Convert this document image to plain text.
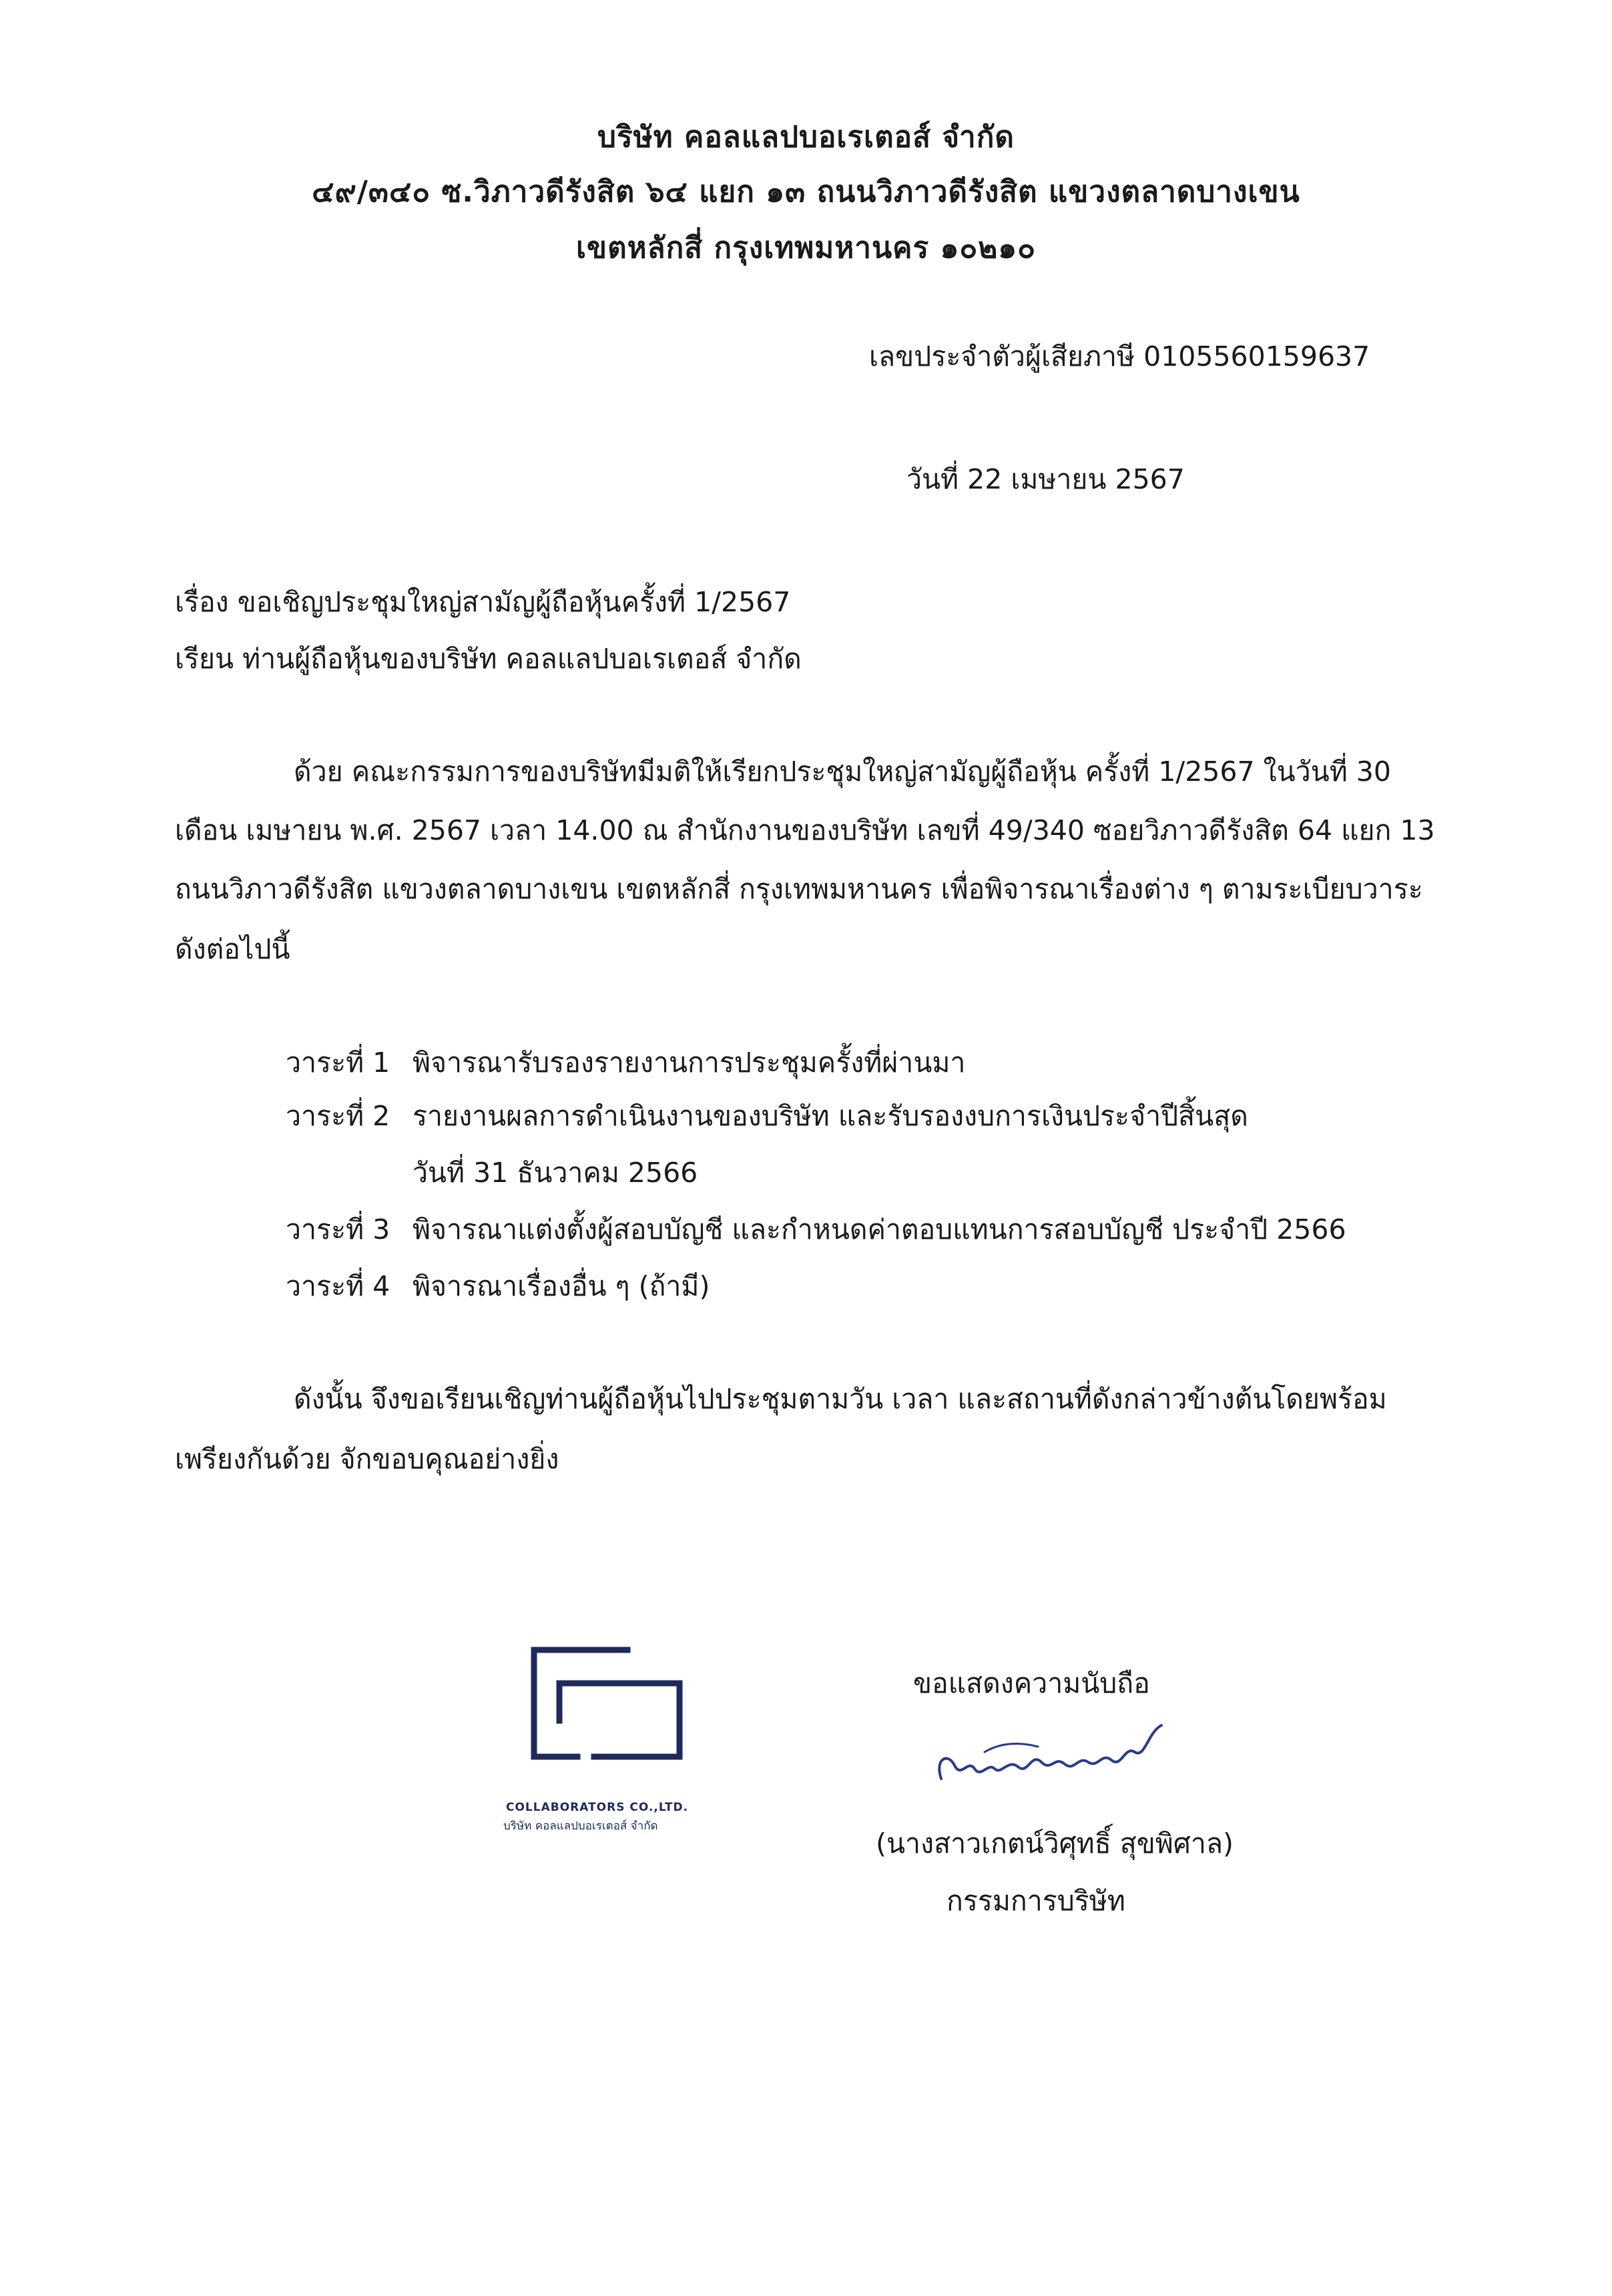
บริษัท คอลแลปบอเรเตอส์ จำกัด
๔๙/๓๔๐ ซ.วิภาวดีรังสิต ๖๔ แยก ๑๓ ถนนวิภาวดีรังสิต แขวงตลาดบางเขน
เขตหลักสี่ กรุงเทพมหานคร ๑๐๒๑๐
เลขประจำตัวผู้เสียภาษี 0105560159637
วันที่ 22 เมษายน 2567
เรื่อง ขอเชิญประชุมใหญ่สามัญผู้ถือหุ้นครั้งที่ 1/2567
เรียน ท่านผู้ถือหุ้นของบริษัท คอลแลปบอเรเตอส์ จำกัด
ด้วย คณะกรรมการของบริษัทมีมติให้เรียกประชุมใหญ่สามัญผู้ถือหุ้น ครั้งที่ 1/2567 ในวันที่ 30
เดือน เมษายน พ.ศ. 2567 เวลา 14.00 ณ สำนักงานของบริษัท เลขที่ 49/340 ซอยวิภาวดีรังสิต 64 แยก 13
ถนนวิภาวดีรังสิต แขวงตลาดบางเขน เขตหลักสี่ กรุงเทพมหานคร เพื่อพิจารณาเรื่องต่าง ๆ ตามระเบียบวาระ
ดังต่อไปนี้
วาระที่ 1 พิจารณารับรองรายงานการประชุมครั้งที่ผ่านมา
วาระที่ 2 รายงานผลการดำเนินงานของบริษัท และรับรองงบการเงินประจำปีสิ้นสุด
วันที่ 31 ธันวาคม 2566
วาระที่ 3 พิจารณาแต่งตั้งผู้สอบบัญชี และกำหนดค่าตอบแทนการสอบบัญชี ประจำปี 2566
วาระที่ 4 พิจารณาเรื่องอื่น ๆ (ถ้ามี)
ดังนั้น จึงขอเรียนเชิญท่านผู้ถือหุ้นไปประชุมตามวัน เวลา และสถานที่ดังกล่าวข้างต้นโดยพร้อม
เพรียงกันด้วย จักขอบคุณอย่างยิ่ง
COLLABORATORS CO.,LTD.
บริษัท คอลแลปบอเรเตอส์ จำกัด
ขอแสดงความนับถือ
(นางสาวเกตน์วิศุทธิ์ สุขพิศาล)
กรรมการบริษัท
